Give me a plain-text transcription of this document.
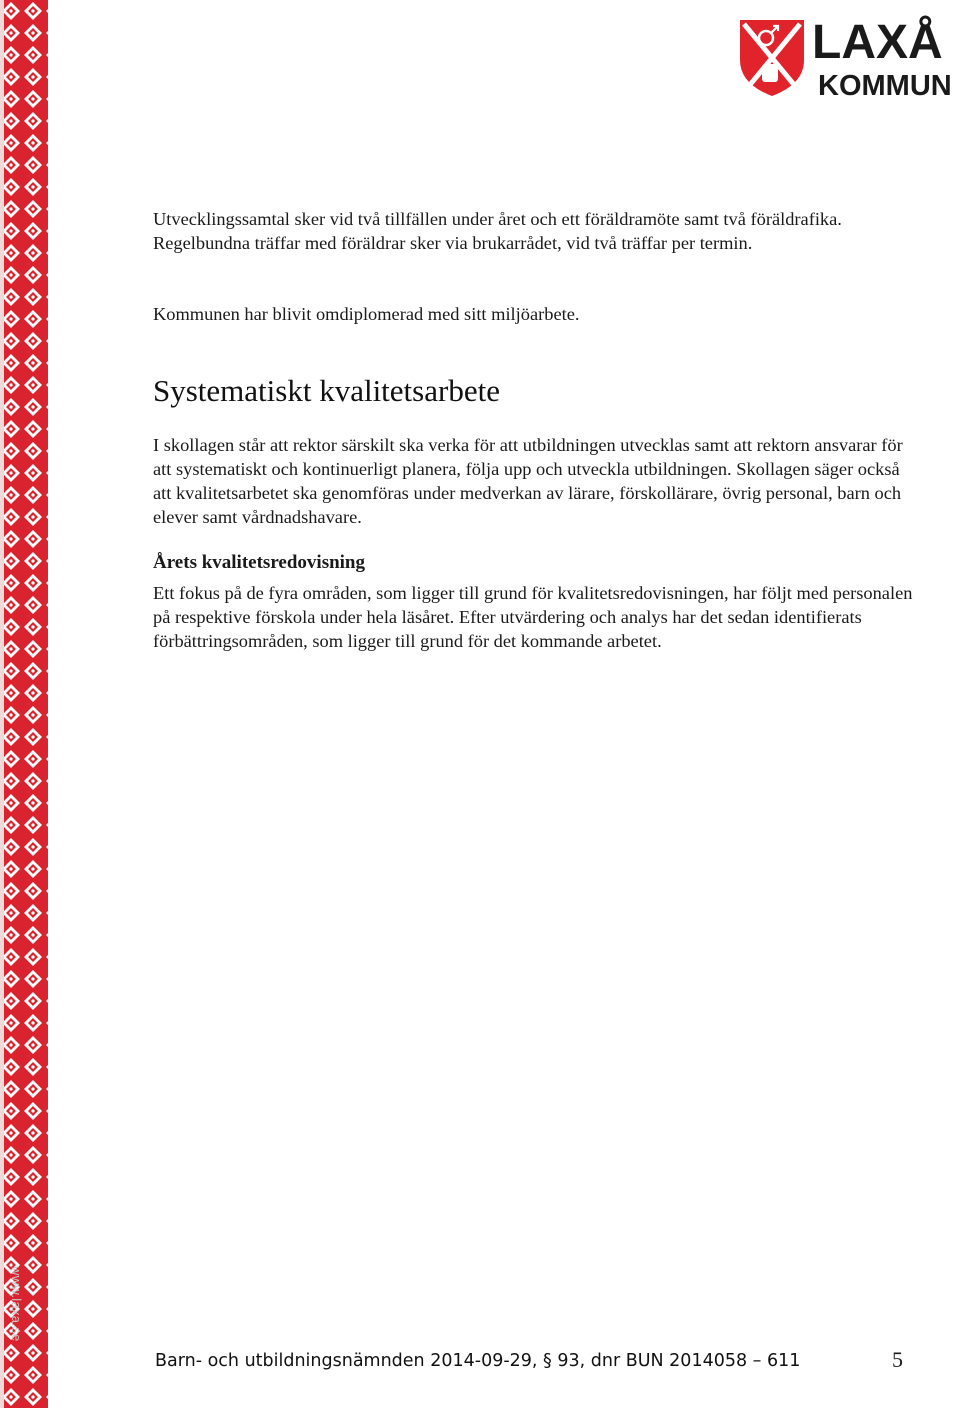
LAXÅ
KOMMUN

Utvecklingssamtal sker vid två tillfällen under året och ett föräldramöte samt två föräldrafika. Regelbundna träffar med föräldrar sker via brukarrådet, vid två träffar per termin.

Kommunen har blivit omdiplomerad med sitt miljöarbete.

Systematiskt kvalitetsarbete

I skollagen står att rektor särskilt ska verka för att utbildningen utvecklas samt att rektorn ansvarar för att systematiskt och kontinuerligt planera, följa upp och utveckla utbildningen. Skollagen säger också att kvalitetsarbetet ska genomföras under medverkan av lärare, förskollärare, övrig personal, barn och elever samt vårdnadshavare.

Årets kvalitetsredovisning

Ett fokus på de fyra områden, som ligger till grund för kvalitetsredovisningen, har följt med personalen på respektive förskola under hela läsåret. Efter utvärdering och analys har det sedan identifierats förbättringsområden, som ligger till grund för det kommande arbetet.

www.laxa.se
Barn- och utbildningsnämnden 2014-09-29, § 93, dnr BUN 2014058 – 611	5
